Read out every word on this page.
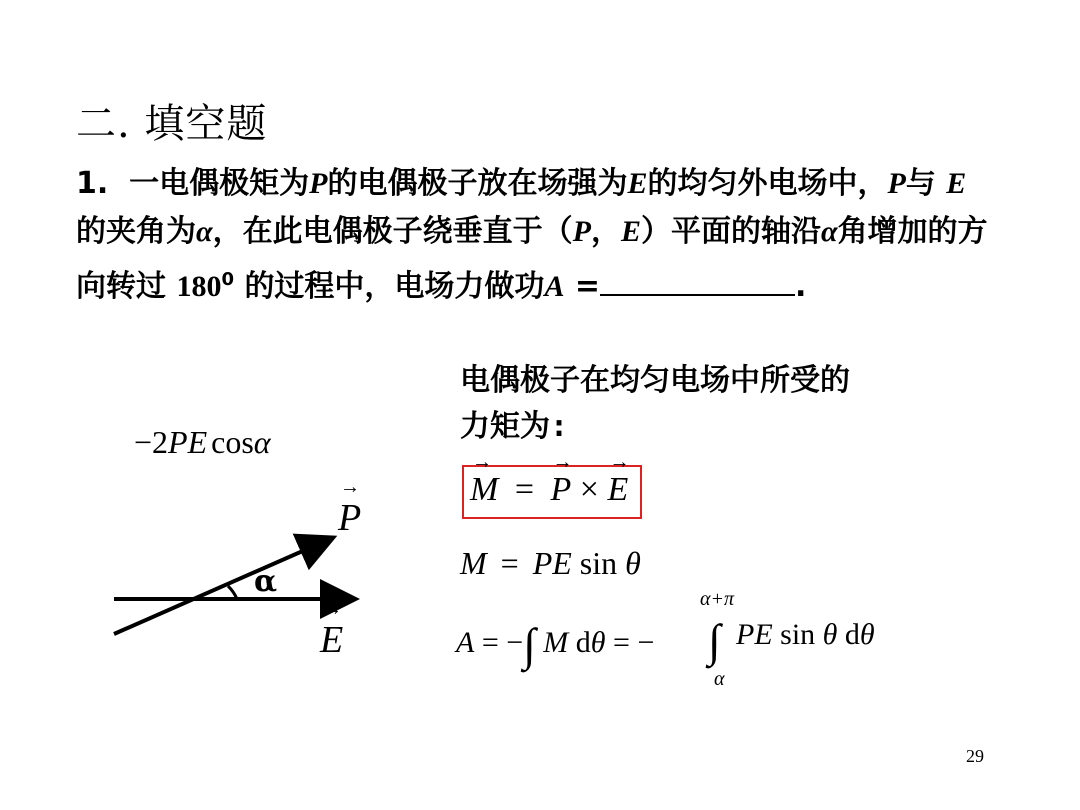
二. 填空题
1. 一电偶极矩为P的电偶极子放在场强为E的均匀外电场中，P与 E 的夹角为α，在此电偶极子绕垂直于（P，E）平面的轴沿α角增加的方向转过 $180^0$ 的过程中，电场力做功A =	.
−2PE cosα
电偶极子在均匀电场中所受的
力矩为:
→ M = → P × → E
M = PE sin θ
A = −∫ M dθ = −
α+π
∫
α
PE sin θ dθ
→ P
→ E
α
29
